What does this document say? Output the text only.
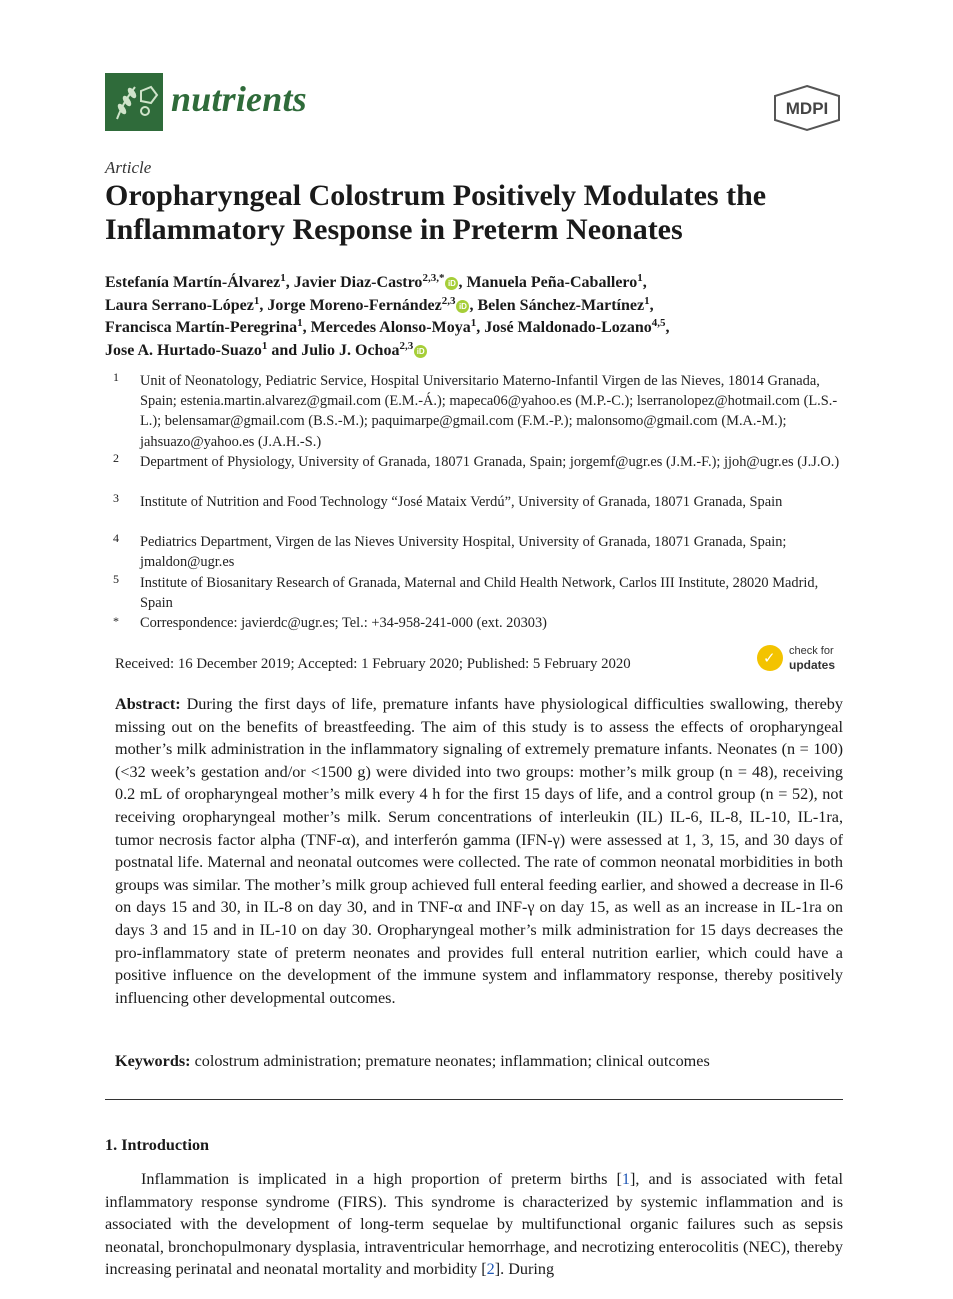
nutrients	MDPI
Article
Oropharyngeal Colostrum Positively Modulates the Inflammatory Response in Preterm Neonates
Estefanía Martín-Álvarez$^1$, Javier Diaz-Castro$^{2,3,*}$ iD , Manuela Peña-Caballero$^1$,
Laura Serrano-López$^1$, Jorge Moreno-Fernández$^{2,3}$ iD , Belen Sánchez-Martínez$^1$,
Francisca Martín-Peregrina$^1$, Mercedes Alonso-Moya$^1$, José Maldonado-Lozano$^{4,5}$,
Jose A. Hurtado-Suazo$^1$ and Julio J. Ochoa$^{2,3}$ iD
1 Unit of Neonatology, Pediatric Service, Hospital Universitario Materno-Infantil Virgen de las Nieves, 18014 Granada, Spain; estenia.martin.alvarez@gmail.com (E.M.-Á.); mapeca06@yahoo.es (M.P.-C.); lserranolopez@hotmail.com (L.S.-L.); belensamar@gmail.com (B.S.-M.); paquimarpe@gmail.com (F.M.-P.); malonsomo@gmail.com (M.A.-M.); jahsuazo@yahoo.es (J.A.H.-S.)
2 Department of Physiology, University of Granada, 18071 Granada, Spain; jorgemf@ugr.es (J.M.-F.); jjoh@ugr.es (J.J.O.)
3 Institute of Nutrition and Food Technology “José Mataix Verdú”, University of Granada, 18071 Granada, Spain
4 Pediatrics Department, Virgen de las Nieves University Hospital, University of Granada, 18071 Granada, Spain; jmaldon@ugr.es
5 Institute of Biosanitary Research of Granada, Maternal and Child Health Network, Carlos III Institute, 28020 Madrid, Spain
* Correspondence: javierdc@ugr.es; Tel.: +34-958-241-000 (ext. 20303)
Received: 16 December 2019; Accepted: 1 February 2020; Published: 5 February 2020	✓ check for
updates
Abstract: During the first days of life, premature infants have physiological difficulties swallowing, thereby missing out on the benefits of breastfeeding. The aim of this study is to assess the effects of oropharyngeal mother’s milk administration in the inflammatory signaling of extremely premature infants. Neonates (n = 100) (<32 week’s gestation and/or <1500 g) were divided into two groups: mother’s milk group (n = 48), receiving 0.2 mL of oropharyngeal mother’s milk every 4 h for the first 15 days of life, and a control group (n = 52), not receiving oropharyngeal mother’s milk. Serum concentrations of interleukin (IL) IL-6, IL-8, IL-10, IL-1ra, tumor necrosis factor alpha (TNF-α), and interferón gamma (IFN-γ) were assessed at 1, 3, 15, and 30 days of postnatal life. Maternal and neonatal outcomes were collected. The rate of common neonatal morbidities in both groups was similar. The mother’s milk group achieved full enteral feeding earlier, and showed a decrease in Il-6 on days 15 and 30, in IL-8 on day 30, and in TNF-α and INF-γ on day 15, as well as an increase in IL-1ra on days 3 and 15 and in IL-10 on day 30. Oropharyngeal mother’s milk administration for 15 days decreases the pro-inflammatory state of preterm neonates and provides full enteral nutrition earlier, which could have a positive influence on the development of the immune system and inflammatory response, thereby positively influencing other developmental outcomes.
Keywords: colostrum administration; premature neonates; inflammation; clinical outcomes
1. Introduction
Inflammation is implicated in a high proportion of preterm births [1], and is associated with fetal inflammatory response syndrome (FIRS). This syndrome is characterized by systemic inflammation and is associated with the development of long-term sequelae by multifunctional organic failures such as sepsis neonatal, bronchopulmonary dysplasia, intraventricular hemorrhage, and necrotizing enterocolitis (NEC), thereby increasing perinatal and neonatal mortality and morbidity [2]. During
